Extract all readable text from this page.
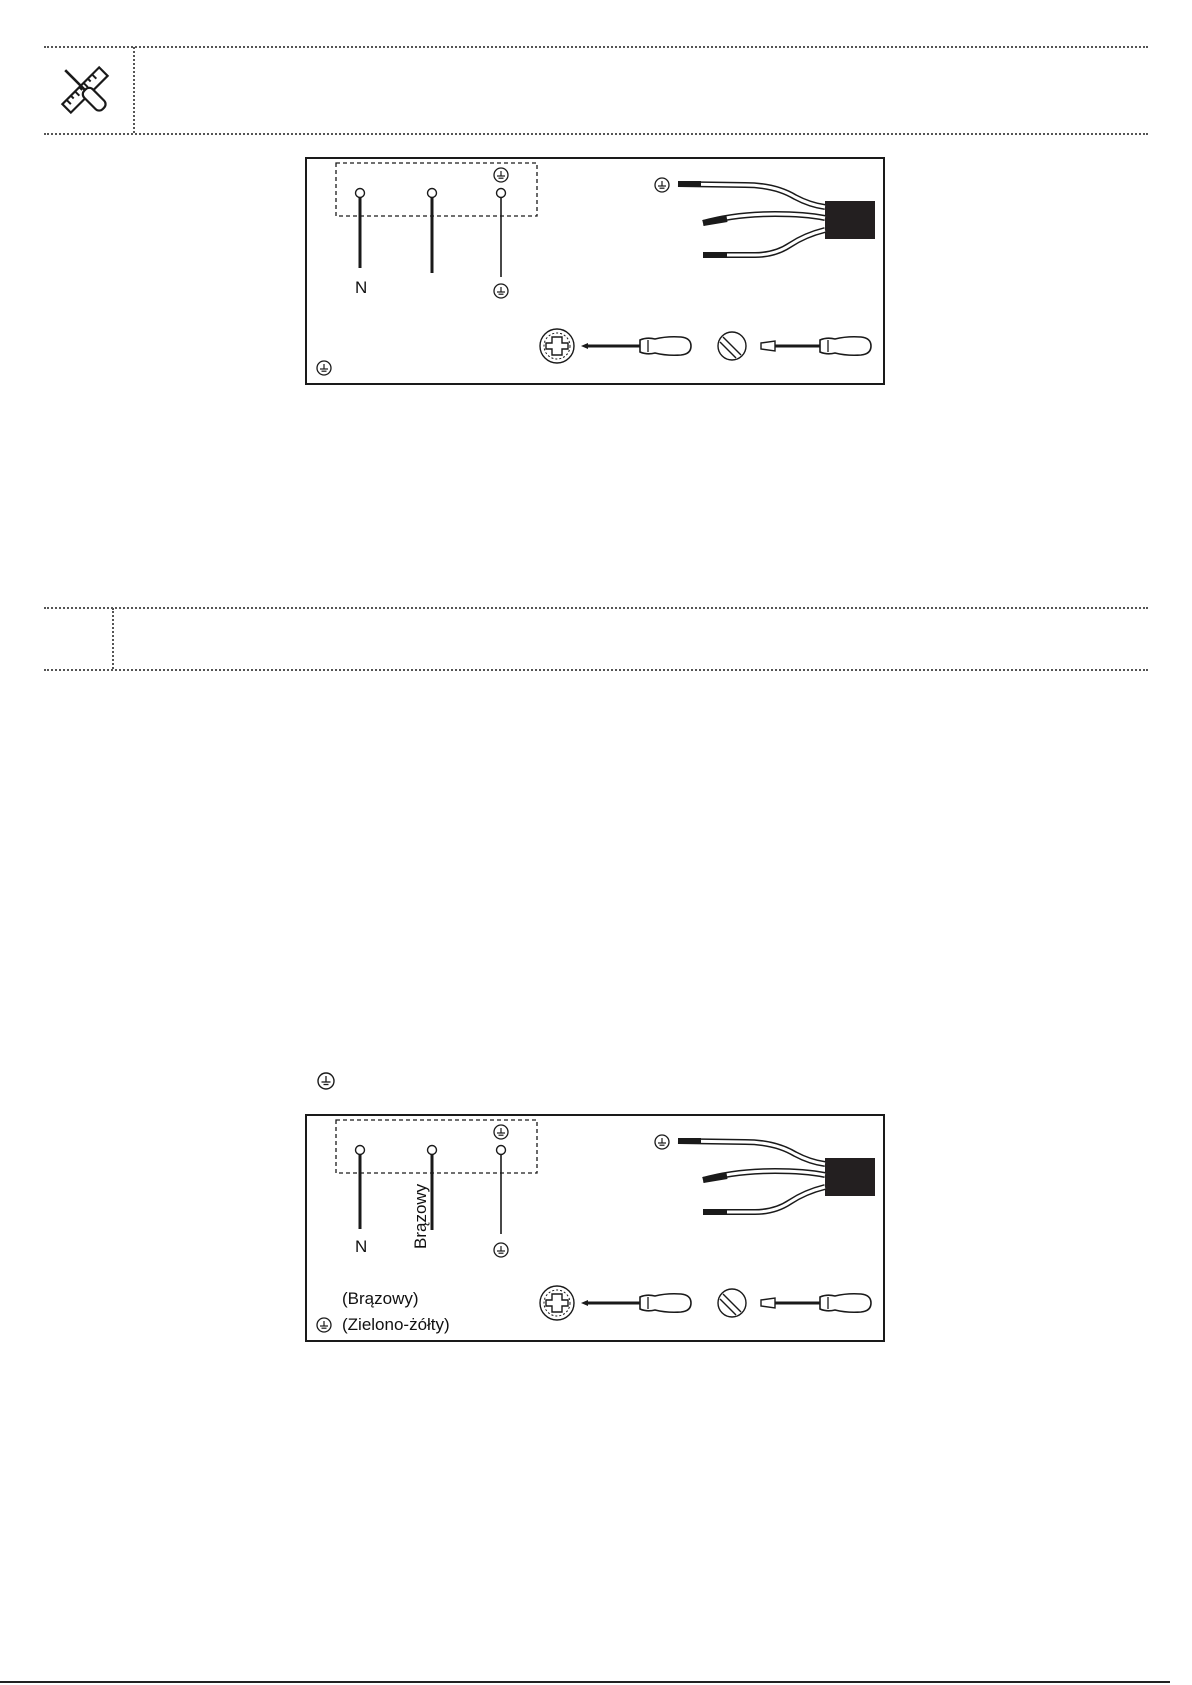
N
N	Brązowy
(Brązowy)
(Zielono-żółty)
